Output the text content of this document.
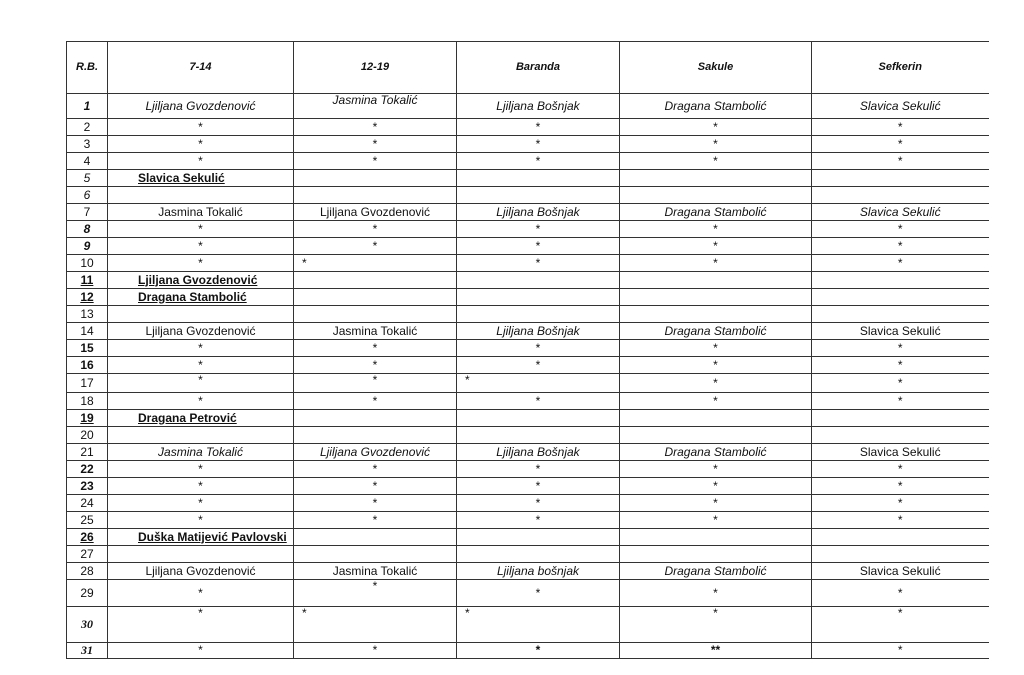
R.B.	7-14	12-19	Baranda	Sakule	Sefkerin
1	Ljiljana Gvozdenović	Jasmina Tokalić	Ljiljana Bošnjak	Dragana Stambolić	Slavica Sekulić
2	*	*	*	*	*
3	*	*	*	*	*
4	*	*	*	*	*
5	Slavica Sekulić				
6					
7	Jasmina Tokalić	Ljiljana Gvozdenović	Ljiljana Bošnjak	Dragana Stambolić	Slavica Sekulić
8	*	*	*	*	*
9	*	*	*	*	*
10	*	*	*	*	*
11	Ljiljana Gvozdenović				
12	Dragana Stambolić				
13					
14	Ljiljana Gvozdenović	Jasmina Tokalić	Ljiljana Bošnjak	Dragana Stambolić	Slavica Sekulić
15	*	*	*	*	*
16	*	*	*	*	*
17	*	*	*	*	*
18	*	*	*	*	*
19	Dragana Petrović				
20					
21	Jasmina Tokalić	Ljiljana Gvozdenović	Ljiljana Bošnjak	Dragana Stambolić	Slavica Sekulić
22	*	*	*	*	*
23	*	*	*	*	*
24	*	*	*	*	*
25	*	*	*	*	*
26	Duška Matijević Pavlovski				
27					
28	Ljiljana Gvozdenović	Jasmina Tokalić	Ljiljana bošnjak	Dragana Stambolić	Slavica Sekulić
29	*	*	*	*	*
30	*	*	*	*	*
31	*	*	*	**	*
